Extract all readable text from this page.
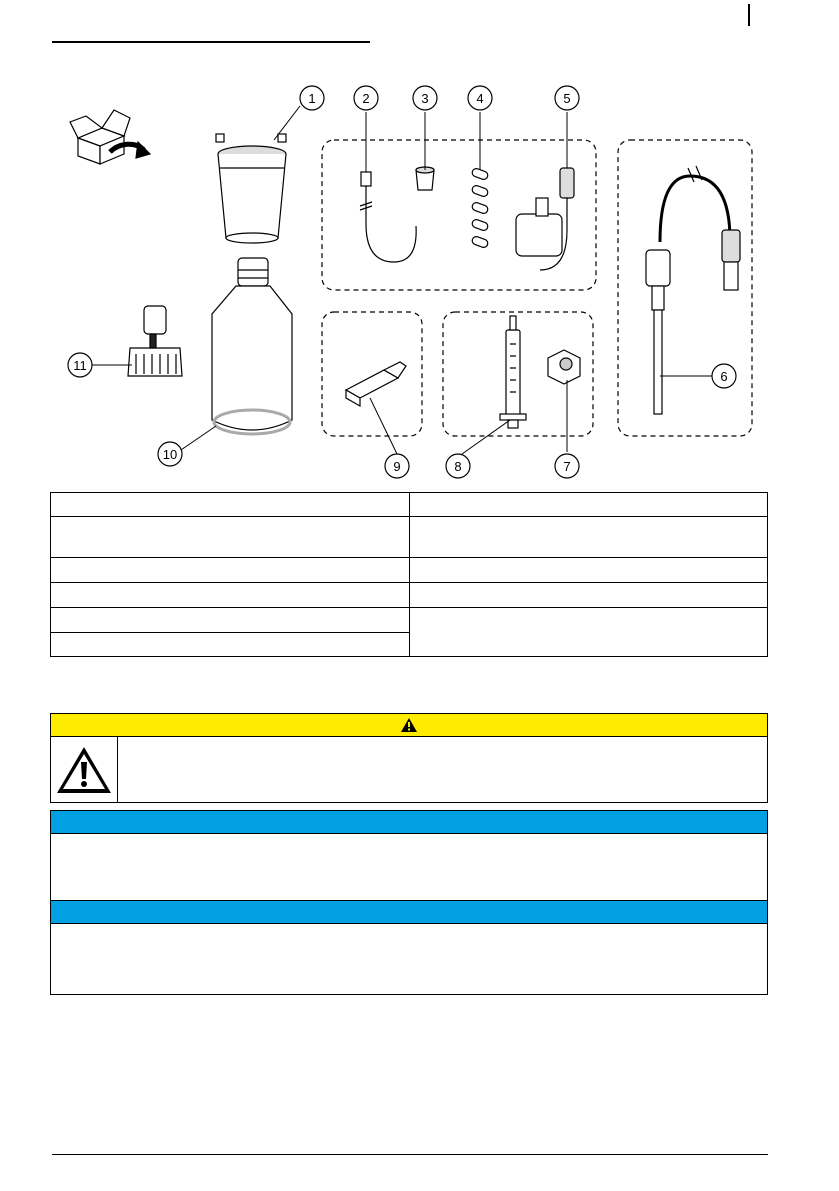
1	2	3	4	5
6
7
8
9
10
11
